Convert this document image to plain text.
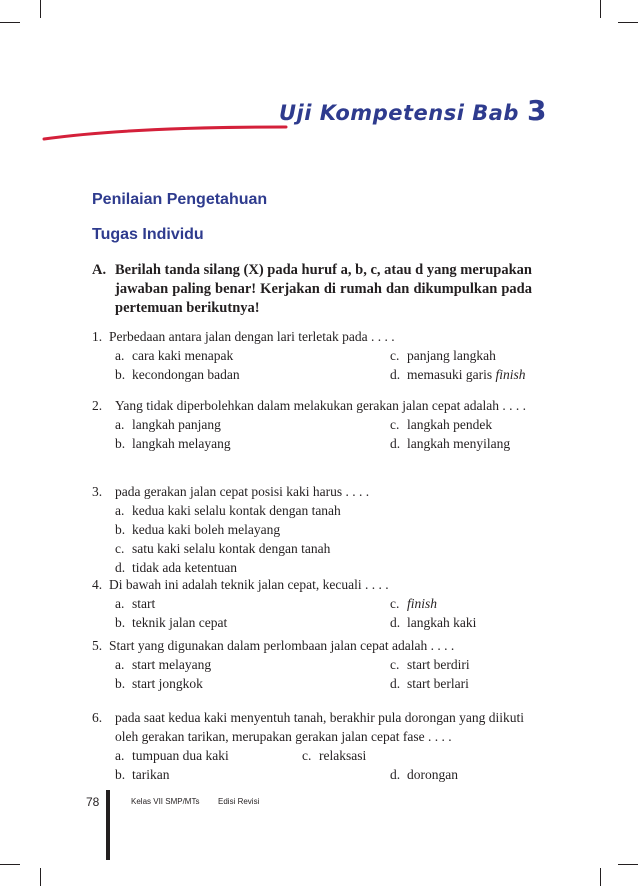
Uji Kompetensi Bab 3
Penilaian Pengetahuan
Tugas Individu
A. Berilah tanda silang (X) pada huruf a, b, c, atau d yang merupakan jawaban paling benar! Kerjakan di rumah dan dikumpulkan pada pertemuan berikutnya!
1. Perbedaan antara jalan dengan lari terletak pada . . . .
a. cara kaki menapak	c. panjang langkah
b. kecondongan badan	d. memasuki garis finish
2. Yang tidak diperbolehkan dalam melakukan gerakan jalan cepat adalah . . . .
a. langkah panjang	c. langkah pendek
b. langkah melayang	d. langkah menyilang
3. pada gerakan jalan cepat posisi kaki harus . . . .
a. kedua kaki selalu kontak dengan tanah
b. kedua kaki boleh melayang
c. satu kaki selalu kontak dengan tanah
d. tidak ada ketentuan
4. Di bawah ini adalah teknik jalan cepat, kecuali . . . .
a. start	c. finish
b. teknik jalan cepat	d. langkah kaki
5. Start yang digunakan dalam perlombaan jalan cepat adalah . . . .
a. start melayang	c. start berdiri
b. start jongkok	d. start berlari
6. pada saat kedua kaki menyentuh tanah, berakhir pula dorongan yang diikuti oleh gerakan tarikan, merupakan gerakan jalan cepat fase . . . .
a. tumpuan dua kaki	c. relaksasi
b. tarikan	d. dorongan
78	Kelas VII SMP/MTs Edisi Revisi
